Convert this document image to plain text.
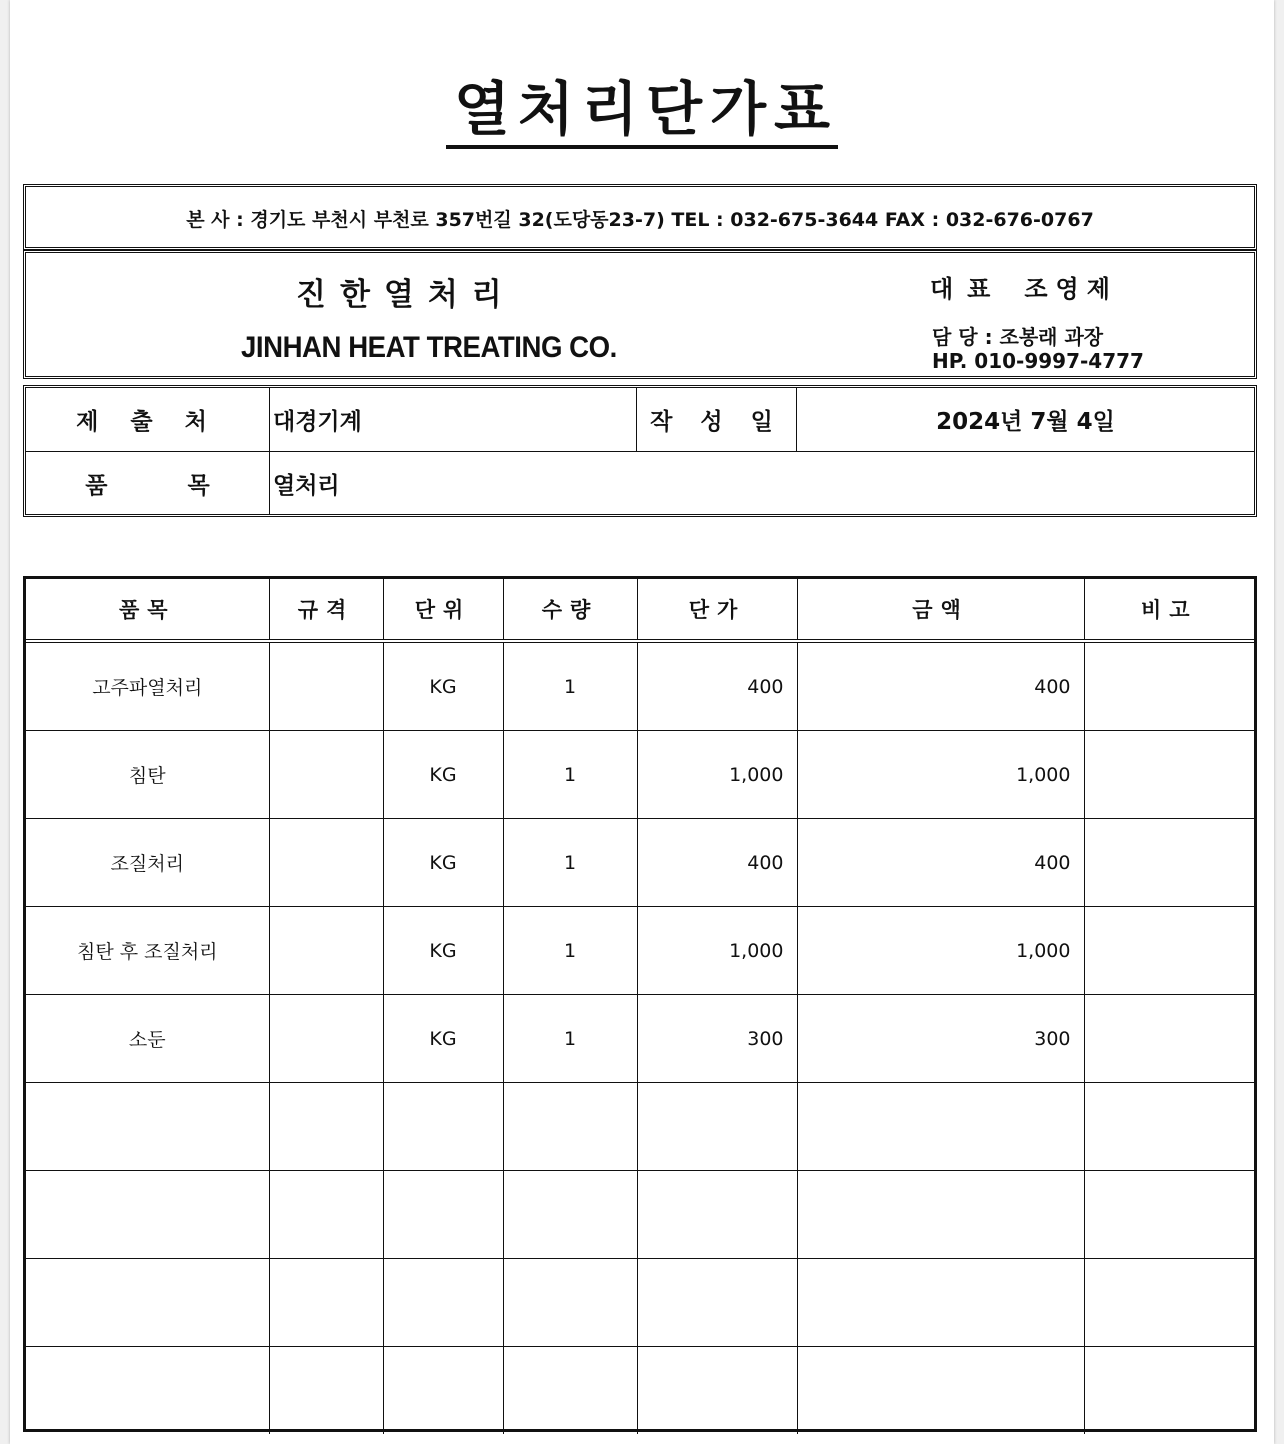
열처리단가표
본 사 : 경기도 부천시 부천로 357번길 32(도당동23-7) TEL : 032-675-3644 FAX : 032-676-0767
진한열처리
JINHAN HEAT TREATING CO.
대표 조영제
담 당 : 조봉래 과장
HP. 010-9997-4777
제 출 처	대경기계	작 성 일	2024년 7월 4일
품          목	열처리
품목	규격	단위	수량	단가	금액	비고
고주파열처리		KG	1	400	400	
침탄		KG	1	1,000	1,000	
조질처리		KG	1	400	400	
침탄 후 조질처리		KG	1	1,000	1,000	
소둔		KG	1	300	300	
